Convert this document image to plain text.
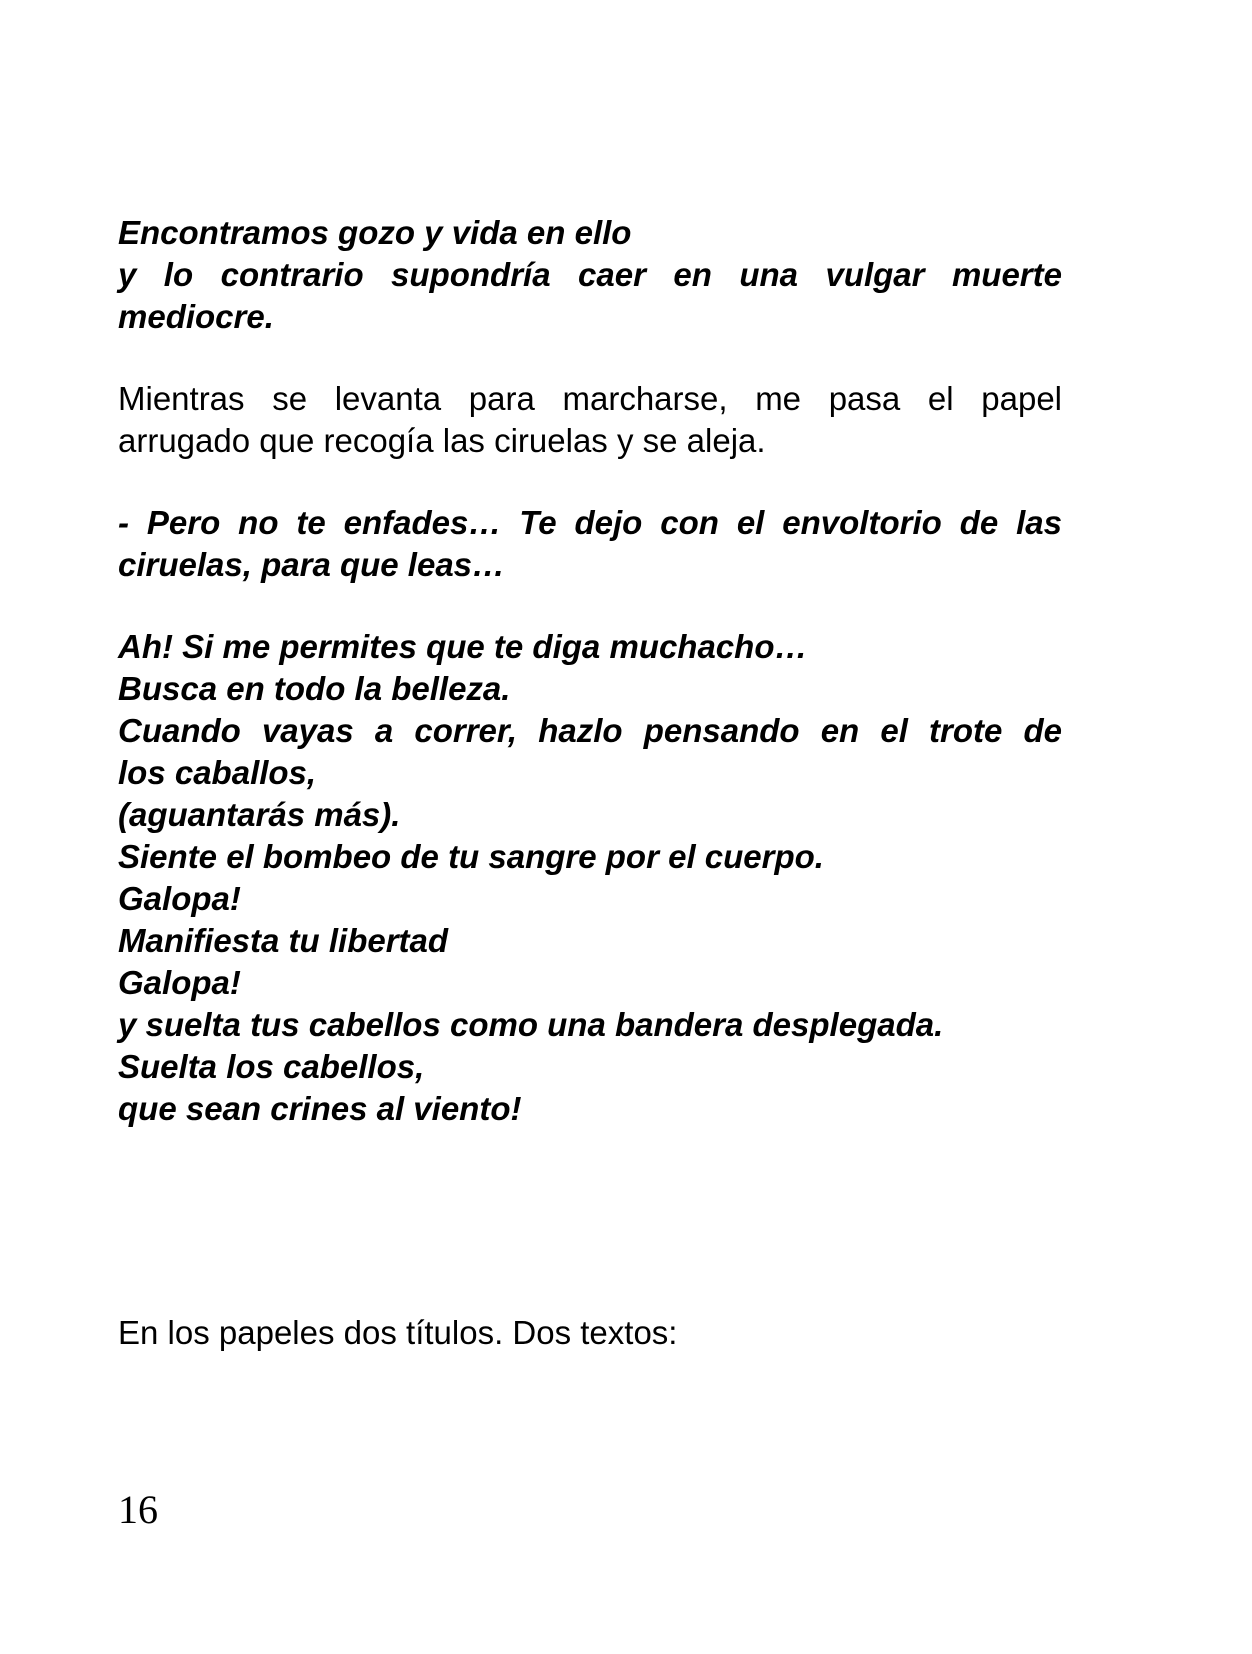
Encontramos gozo y vida en ello
y lo contrario supondría caer en una vulgar muerte
mediocre.
Mientras se levanta para marcharse, me pasa el papel
arrugado que recogía las ciruelas y se aleja.
- Pero no te enfades… Te dejo con el envoltorio de las
ciruelas, para que leas…
Ah! Si me permites que te diga muchacho…
Busca en todo la belleza.
Cuando vayas a correr, hazlo pensando en el trote de
los caballos,
(aguantarás más).
Siente el bombeo de tu sangre por el cuerpo.
Galopa!
Manifiesta tu libertad
Galopa!
y suelta tus cabellos como una bandera desplegada.
Suelta los cabellos,
que sean crines al viento!
En los papeles dos títulos. Dos textos:
16
